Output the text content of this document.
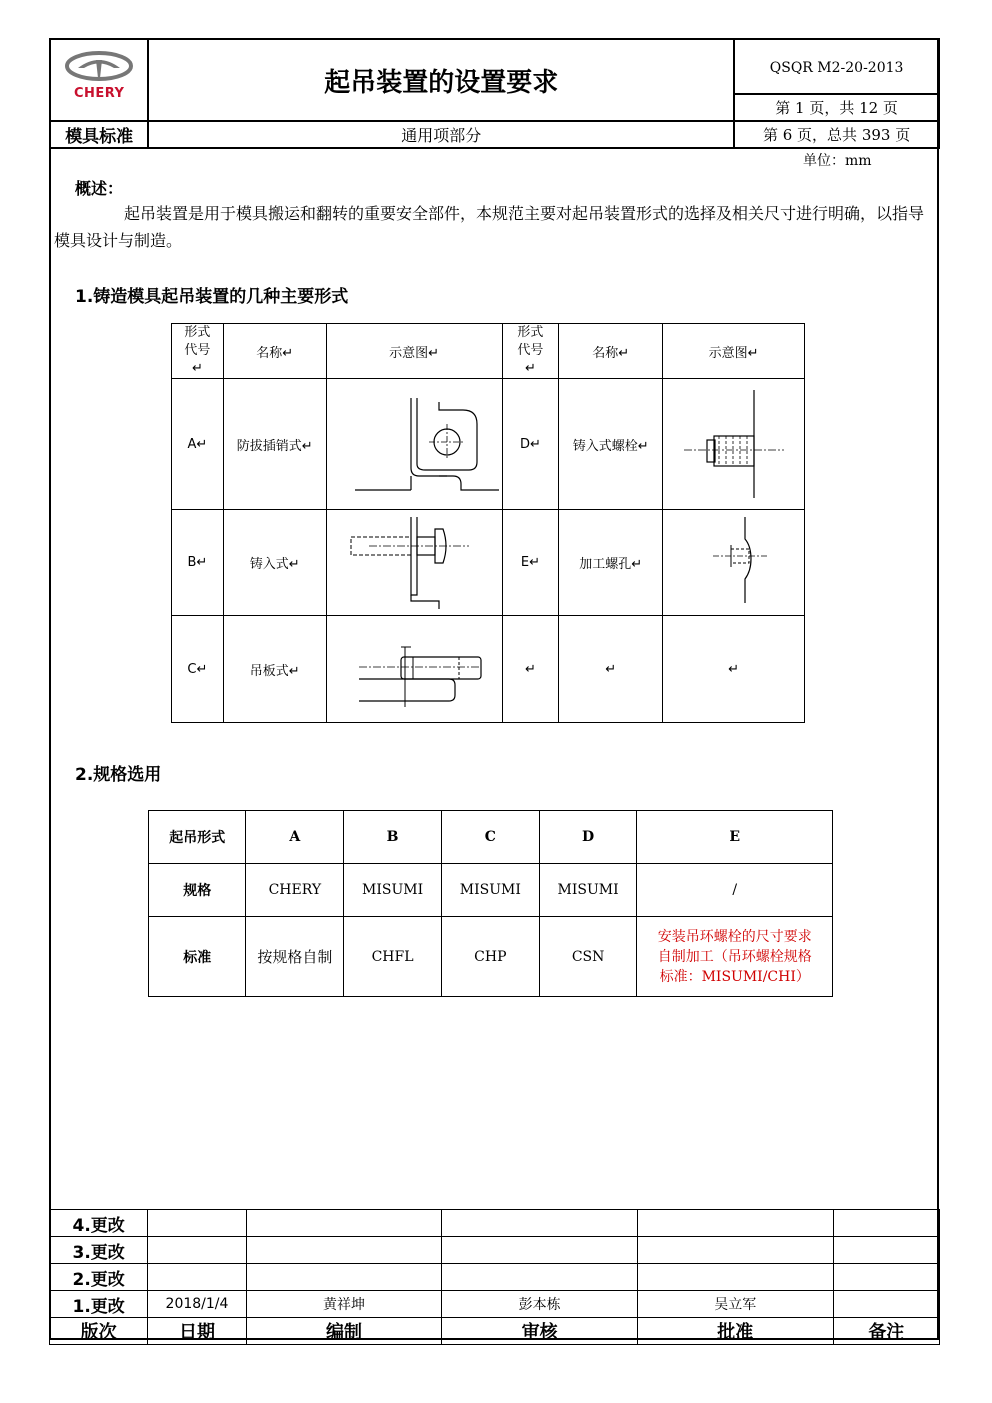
CHERY	起吊装置的设置要求	QSQR M2-20-2013
		第 1 页，共 12 页
模具标准	通用项部分	第 6 页，总共 393 页
单位：mm
概述：
起吊装置是用于模具搬运和翻转的重要安全部件，本规范主要对起吊装置形式的选择及相关尺寸进行明确，以指导模具设计与制造。
1.铸造模具起吊装置的几种主要形式
形式代号↵	名称↵	示意图↵	形式代号↵	名称↵	示意图↵
A↵	防拔插销式↵		D↵	铸入式螺栓↵	
B↵	铸入式↵		E↵	加工螺孔↵	
C↵	吊板式↵		↵	↵	↵
2.规格选用
起吊形式	A	B	C	D	E
规格	CHERY	MISUMI	MISUMI	MISUMI	/
标准	按规格自制	CHFL	CHP	CSN	安装吊环螺栓的尺寸要求
自制加工（吊环螺栓规格
标准：MISUMI/CHI）
4.更改					
3.更改					
2.更改					
1.更改	2018/1/4	黄祥坤	彭本栋	吴立军	
版次	日期	编制	审核	批准	备注
